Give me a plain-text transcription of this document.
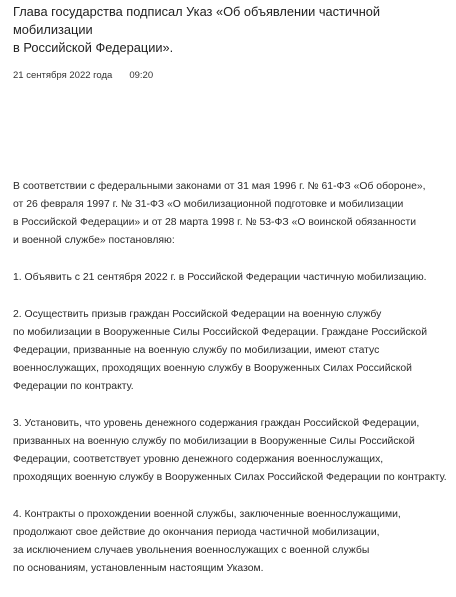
Глава государства подписал Указ «Об объявлении частичной мобилизации
в Российской Федерации».
21 сентября 2022 года 09:20

В соответствии с федеральными законами от 31 мая 1996 г. № 61-ФЗ «Об обороне»,
от 26 февраля 1997 г. № 31-ФЗ «О мобилизационной подготовке и мобилизации
в Российской Федерации» и от 28 марта 1998 г. № 53-ФЗ «О воинской обязанности
и военной службе» постановляю:

1. Объявить с 21 сентября 2022 г. в Российской Федерации частичную мобилизацию.

2. Осуществить призыв граждан Российской Федерации на военную службу
по мобилизации в Вооруженные Силы Российской Федерации. Граждане Российской
Федерации, призванные на военную службу по мобилизации, имеют статус
военнослужащих, проходящих военную службу в Вооруженных Силах Российской
Федерации по контракту.

3. Установить, что уровень денежного содержания граждан Российской Федерации,
призванных на военную службу по мобилизации в Вооруженные Силы Российской
Федерации, соответствует уровню денежного содержания военнослужащих,
проходящих военную службу в Вооруженных Силах Российской Федерации по контракту.

4. Контракты о прохождении военной службы, заключенные военнослужащими,
продолжают свое действие до окончания периода частичной мобилизации,
за исключением случаев увольнения военнослужащих с военной службы
по основаниям, установленным настоящим Указом.
